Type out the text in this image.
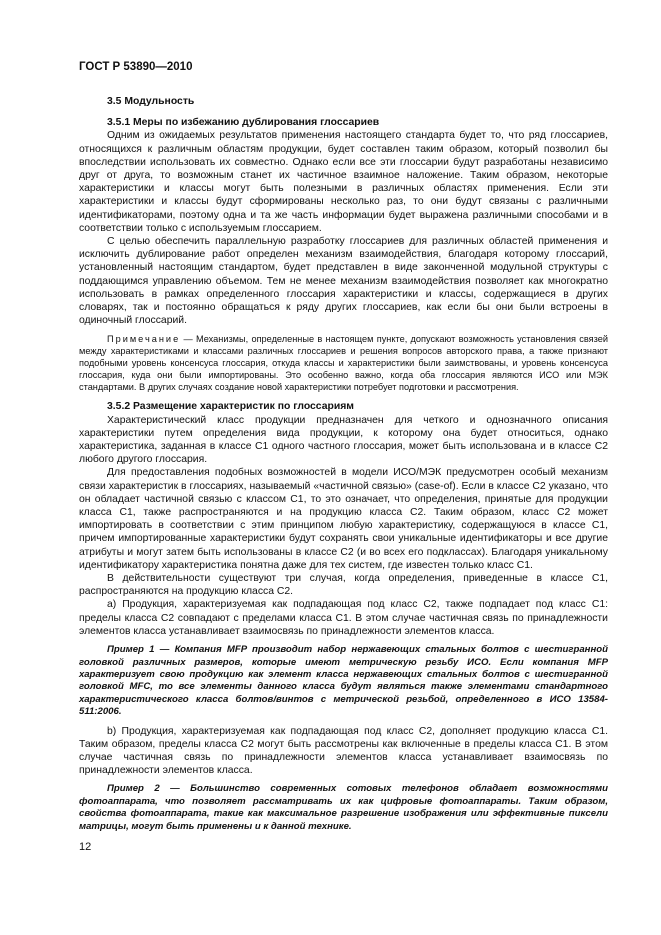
ГОСТ Р 53890—2010
3.5 Модульность
3.5.1 Меры по избежанию дублирования глоссариев

Одним из ожидаемых результатов применения настоящего стандарта будет то, что ряд глоссариев, относящихся к различным областям продукции, будет составлен таким образом, который позволил бы впоследствии использовать их совместно. Однако если все эти глоссарии будут разработаны независимо друг от друга, то возможным станет их частичное взаимное наложение. Таким образом, некоторые характеристики и классы могут быть полезными в различных областях применения. Если эти характеристики и классы будут сформированы несколько раз, то они будут связаны с различными идентификаторами, поэтому одна и та же часть информации будет выражена различными способами и в соответствии только с используемым глоссарием.

С целью обеспечить параллельную разработку глоссариев для различных областей применения и исключить дублирование работ определен механизм взаимодействия, благодаря которому глоссарий, установленный настоящим стандартом, будет представлен в виде законченной модульной структуры с поддающимся управлению объемом. Тем не менее механизм взаимодействия позволяет как многократно использовать в рамках определенного глоссария характеристики и классы, содержащиеся в других словарях, так и постоянно обращаться к ряду других глоссариев, как если бы они были встроены в одиночный глоссарий.

Примечание — Механизмы, определенные в настоящем пункте, допускают возможность установления связей между характеристиками и классами различных глоссариев и решения вопросов авторского права, а также признают подобными уровень консенсуса глоссария, откуда классы и характеристики были заимствованы, и уровень консенсуса глоссария, куда они были импортированы. Это особенно важно, когда оба глоссария являются ИСО или МЭК стандартами. В других случаях создание новой характеристики потребует подготовки и рассмотрения.

3.5.2 Размещение характеристик по глоссариям

Характеристический класс продукции предназначен для четкого и однозначного описания характеристики путем определения вида продукции, к которому она будет относиться, однако характеристика, заданная в классе C1 одного частного глоссария, может быть использована и в классе C2 любого другого глоссария.

Для предоставления подобных возможностей в модели ИСО/МЭК предусмотрен особый механизм связи характеристик в глоссариях, называемый «частичной связью» (case-of). Если в классе C2 указано, что он обладает частичной связью с классом C1, то это означает, что определения, принятые для продукции класса C1, также распространяются и на продукцию класса C2. Таким образом, класс C2 может импортировать в соответствии с этим принципом любую характеристику, содержащуюся в классе C1, причем импортированные характеристики будут сохранять свои уникальные идентификаторы и все другие атрибуты и могут затем быть использованы в классе C2 (и во всех его подклассах). Благодаря уникальному идентификатору характеристика понятна даже для тех систем, где известен только класс C1.

В действительности существуют три случая, когда определения, приведенные в классе C1, распространяются на продукцию класса C2.

a) Продукция, характеризуемая как подпадающая под класс C2, также подпадает под класс C1: пределы класса C2 совпадают с пределами класса C1. В этом случае частичная связь по принадлежности элементов класса устанавливает взаимосвязь по принадлежности элементов класса.

Пример 1 — Компания MFP производит набор нержавеющих стальных болтов с шестигранной головкой различных размеров, которые имеют метрическую резьбу ИСО. Если компания MFP характеризует свою продукцию как элемент класса нержавеющих стальных болтов с шестигранной головкой MFC, то все элементы данного класса будут являться также элементами стандартного характеристического класса болтов/винтов с метрической резьбой, определенного в ИСО 13584-511:2006.

b) Продукция, характеризуемая как подпадающая под класс C2, дополняет продукцию класса C1. Таким образом, пределы класса C2 могут быть рассмотрены как включенные в пределы класса C1. В этом случае частичная связь по принадлежности элементов класса устанавливает взаимосвязь по принадлежности элементов класса.

Пример 2 — Большинство современных сотовых телефонов обладает возможностями фотоаппарата, что позволяет рассматривать их как цифровые фотоаппараты. Таким образом, свойства фотоаппарата, такие как максимальное разрешение изображения или эффективные пиксели матрицы, могут быть применены и к данной технике.

12
